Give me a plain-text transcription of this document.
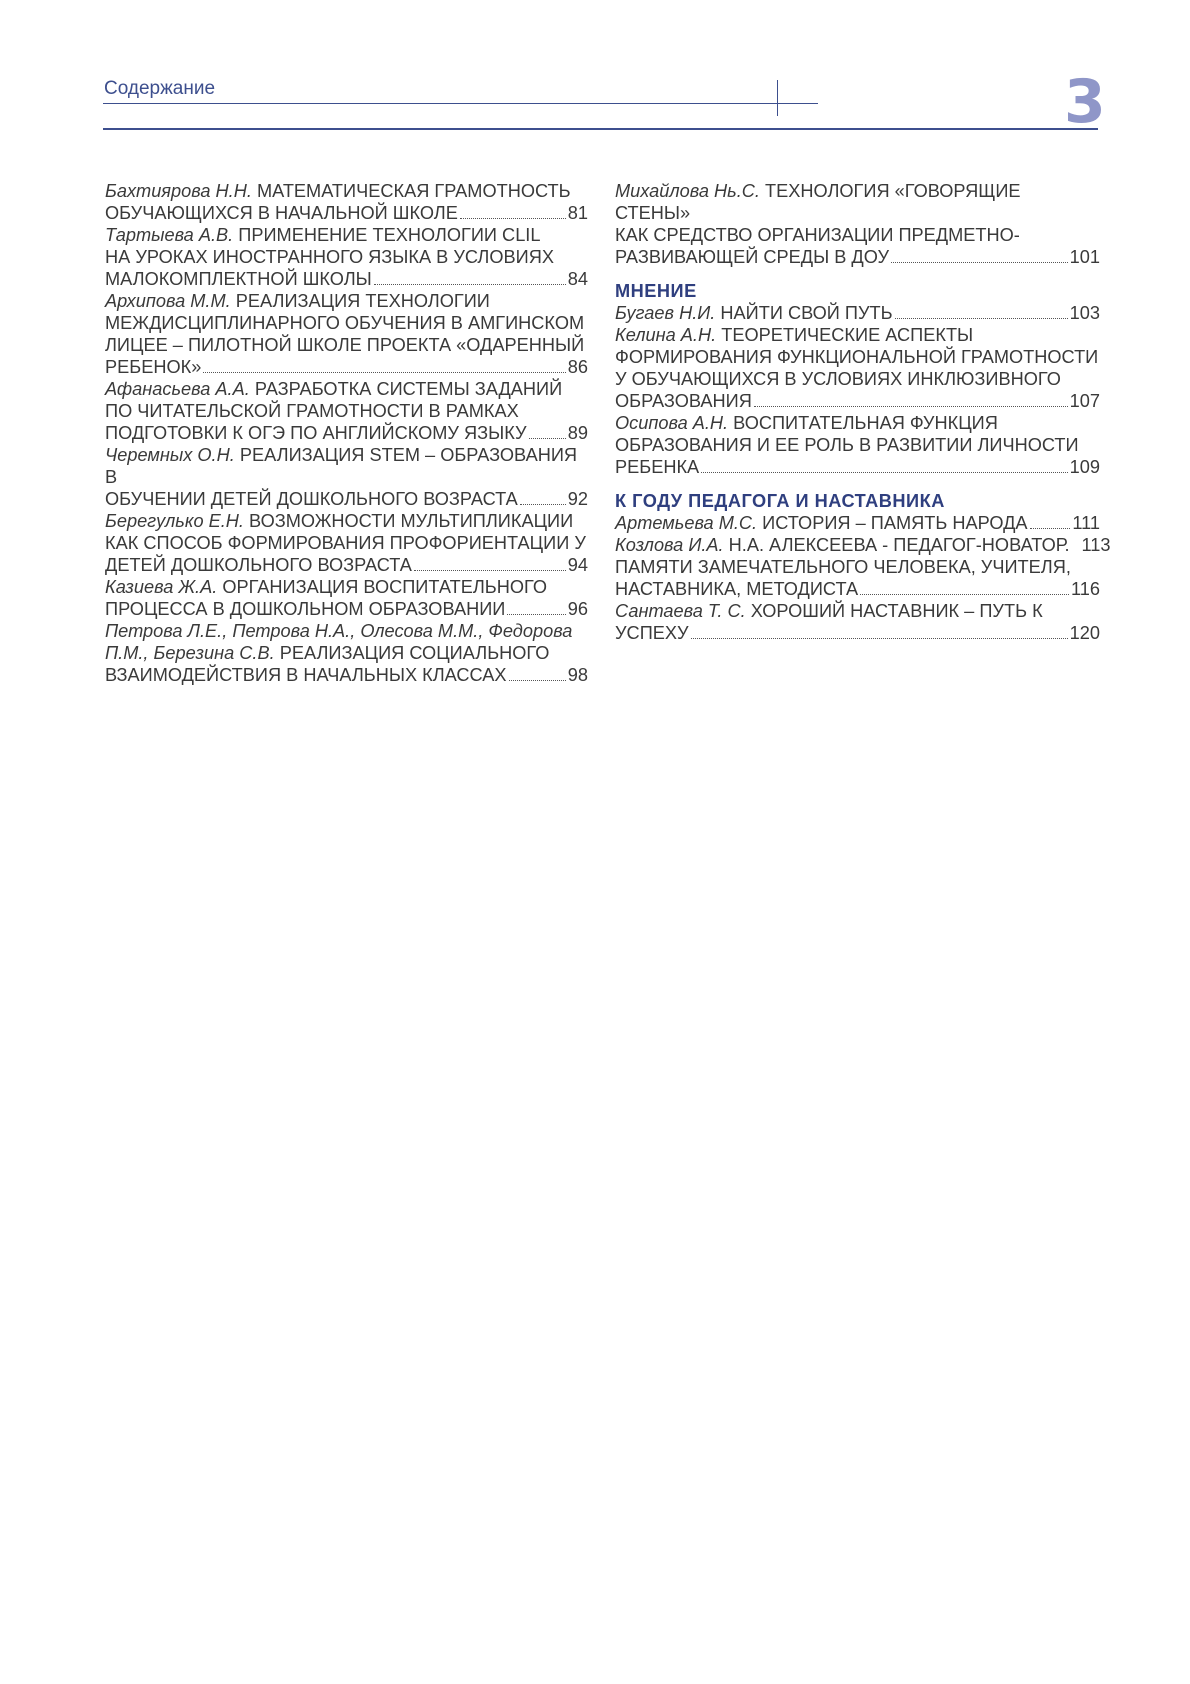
Содержание	3
Бахтиярова Н.Н. МАТЕМАТИЧЕСКАЯ ГРАМОТНОСТЬ
ОБУЧАЮЩИХСЯ В НАЧАЛЬНОЙ ШКОЛЕ	81
Тартыева А.В. ПРИМЕНЕНИЕ ТЕХНОЛОГИИ CLIL
НА УРОКАХ ИНОСТРАННОГО ЯЗЫКА В УСЛОВИЯХ
МАЛОКОМПЛЕКТНОЙ ШКОЛЫ	84
Архипова М.М. РЕАЛИЗАЦИЯ ТЕХНОЛОГИИ
МЕЖДИСЦИПЛИНАРНОГО ОБУЧЕНИЯ В АМГИНСКОМ
ЛИЦЕЕ – ПИЛОТНОЙ ШКОЛЕ ПРОЕКТА «ОДАРЕННЫЙ
РЕБЕНОК»	86
Афанасьева А.А. РАЗРАБОТКА СИСТЕМЫ ЗАДАНИЙ
ПО ЧИТАТЕЛЬСКОЙ ГРАМОТНОСТИ В РАМКАХ
ПОДГОТОВКИ К ОГЭ ПО АНГЛИЙСКОМУ ЯЗЫКУ 89
Черемных О.Н. РЕАЛИЗАЦИЯ STEM – ОБРАЗОВАНИЯ В
ОБУЧЕНИИ ДЕТЕЙ ДОШКОЛЬНОГО ВОЗРАСТА	92
Берегулько Е.Н. ВОЗМОЖНОСТИ МУЛЬТИПЛИКАЦИИ
КАК СПОСОБ ФОРМИРОВАНИЯ ПРОФОРИЕНТАЦИИ У
ДЕТЕЙ ДОШКОЛЬНОГО ВОЗРАСТА	94
Казиева Ж.А. ОРГАНИЗАЦИЯ ВОСПИТАТЕЛЬНОГО
ПРОЦЕССА В ДОШКОЛЬНОМ ОБРАЗОВАНИИ	96
Петрова Л.Е., Петрова Н.А., Олесова М.М., Федорова
П.М., Березина С.В. РЕАЛИЗАЦИЯ СОЦИАЛЬНОГО
ВЗАИМОДЕЙСТВИЯ В НАЧАЛЬНЫХ КЛАССАХ	98
Михайлова Нь.С. ТЕХНОЛОГИЯ «ГОВОРЯЩИЕ СТЕНЫ»
КАК СРЕДСТВО ОРГАНИЗАЦИИ ПРЕДМЕТНО-
РАЗВИВАЮЩЕЙ СРЕДЫ В ДОУ	101
МНЕНИЕ
Бугаев Н.И. НАЙТИ СВОЙ ПУТЬ	103
Келина А.Н. ТЕОРЕТИЧЕСКИЕ АСПЕКТЫ
ФОРМИРОВАНИЯ ФУНКЦИОНАЛЬНОЙ ГРАМОТНОСТИ
У ОБУЧАЮЩИХСЯ В УСЛОВИЯХ ИНКЛЮЗИВНОГО
ОБРАЗОВАНИЯ	107
Осипова А.Н. ВОСПИТАТЕЛЬНАЯ ФУНКЦИЯ
ОБРАЗОВАНИЯ И ЕЕ РОЛЬ В РАЗВИТИИ ЛИЧНОСТИ
РЕБЕНКА	109
К ГОДУ ПЕДАГОГА И НАСТАВНИКА
Артемьева М.С. ИСТОРИЯ – ПАМЯТЬ НАРОДА 111
Козлова И.А. Н.А. АЛЕКСЕЕВА - ПЕДАГОГ-НОВАТОР. 113
ПАМЯТИ ЗАМЕЧАТЕЛЬНОГО ЧЕЛОВЕКА, УЧИТЕЛЯ,
НАСТАВНИКА, МЕТОДИСТА	116
Сантаева Т. С. ХОРОШИЙ НАСТАВНИК – ПУТЬ К
УСПЕХУ	120
